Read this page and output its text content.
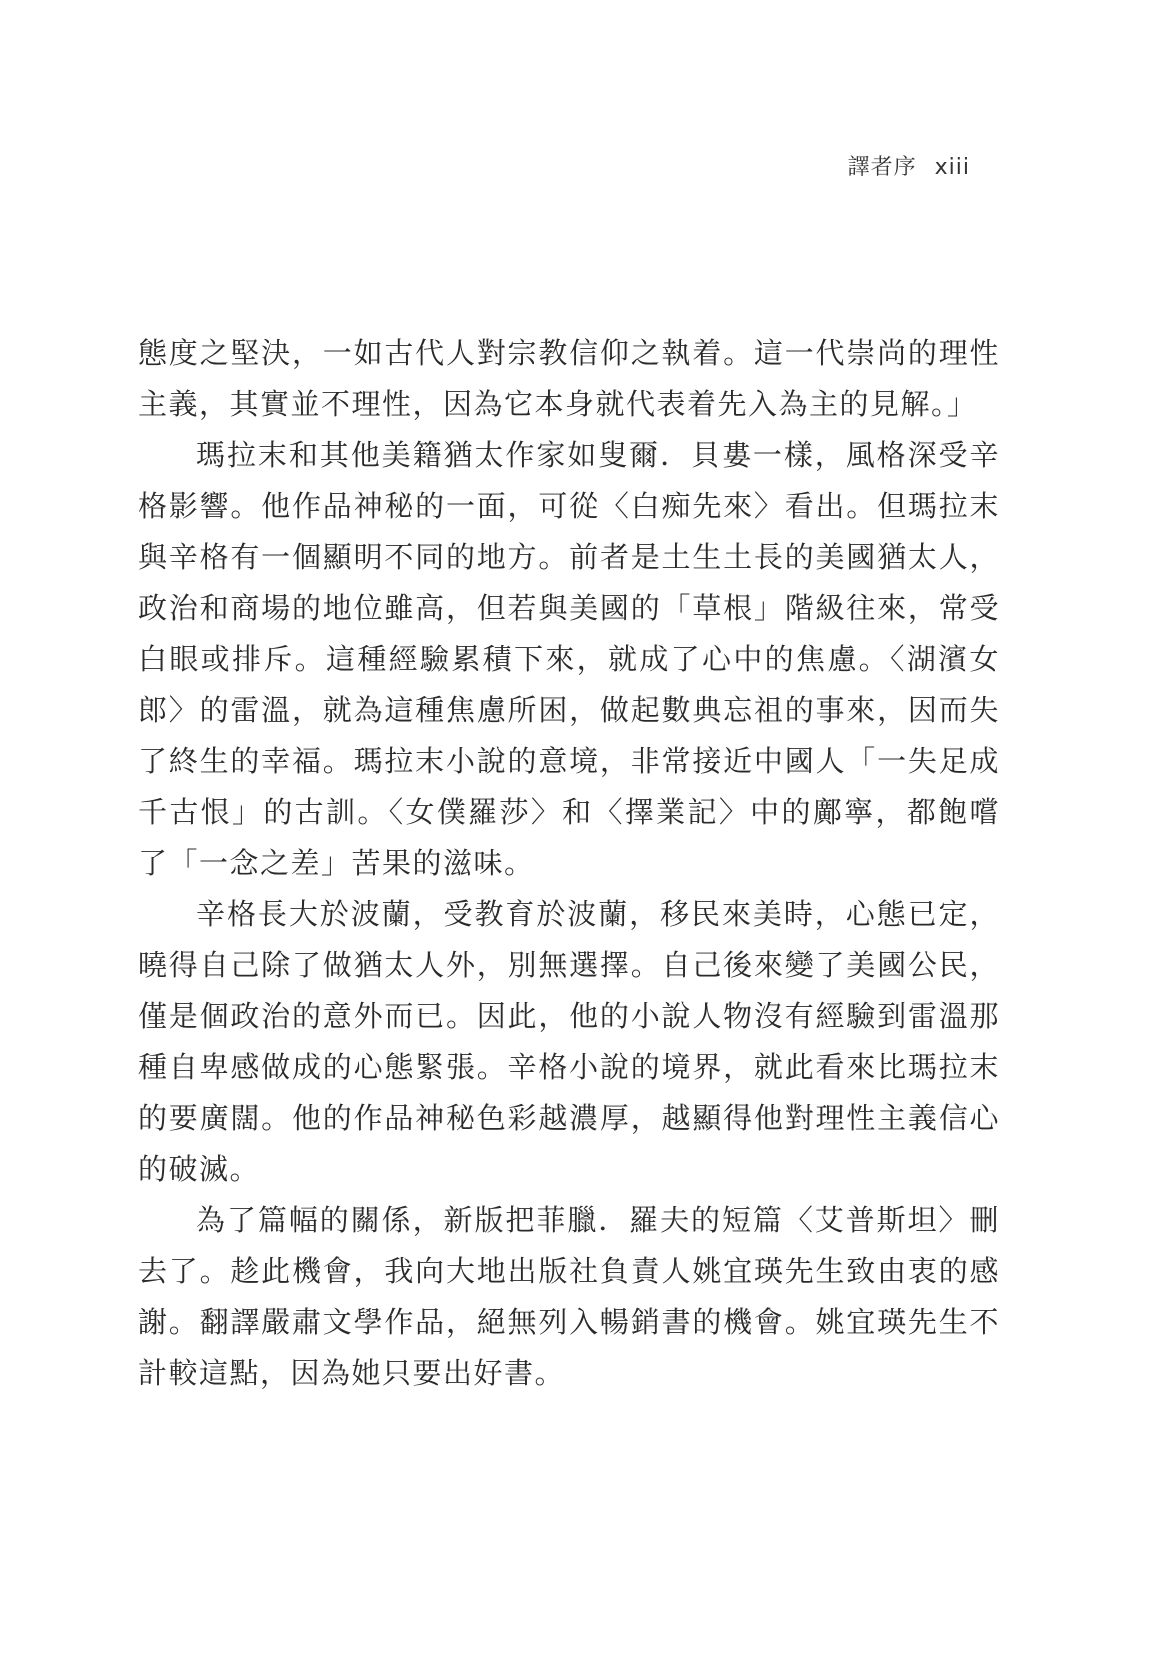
譯者序 xiii

態度之堅決，一如古代人對宗教信仰之執着。這一代崇尚的理性主義，其實並不理性，因為它本身就代表着先入為主的見解。」

瑪拉末和其他美籍猶太作家如叟爾．貝婁一樣，風格深受辛格影響。他作品神秘的一面，可從〈白痴先來〉看出。但瑪拉末與辛格有一個顯明不同的地方。前者是土生土長的美國猶太人，政治和商場的地位雖高，但若與美國的「草根」階級往來，常受白眼或排斥。這種經驗累積下來，就成了心中的焦慮。〈湖濱女郎〉的雷溫，就為這種焦慮所困，做起數典忘祖的事來，因而失了終生的幸福。瑪拉末小說的意境，非常接近中國人「一失足成千古恨」的古訓。〈女僕羅莎〉和〈擇業記〉中的鄺寧，都飽嚐了「一念之差」苦果的滋味。

辛格長大於波蘭，受教育於波蘭，移民來美時，心態已定，曉得自己除了做猶太人外，別無選擇。自己後來變了美國公民，僅是個政治的意外而已。因此，他的小說人物沒有經驗到雷溫那種自卑感做成的心態緊張。辛格小說的境界，就此看來比瑪拉末的要廣闊。他的作品神秘色彩越濃厚，越顯得他對理性主義信心的破滅。

為了篇幅的關係，新版把菲臘．羅夫的短篇〈艾普斯坦〉刪去了。趁此機會，我向大地出版社負責人姚宜瑛先生致由衷的感謝。翻譯嚴肅文學作品，絕無列入暢銷書的機會。姚宜瑛先生不計較這點，因為她只要出好書。
